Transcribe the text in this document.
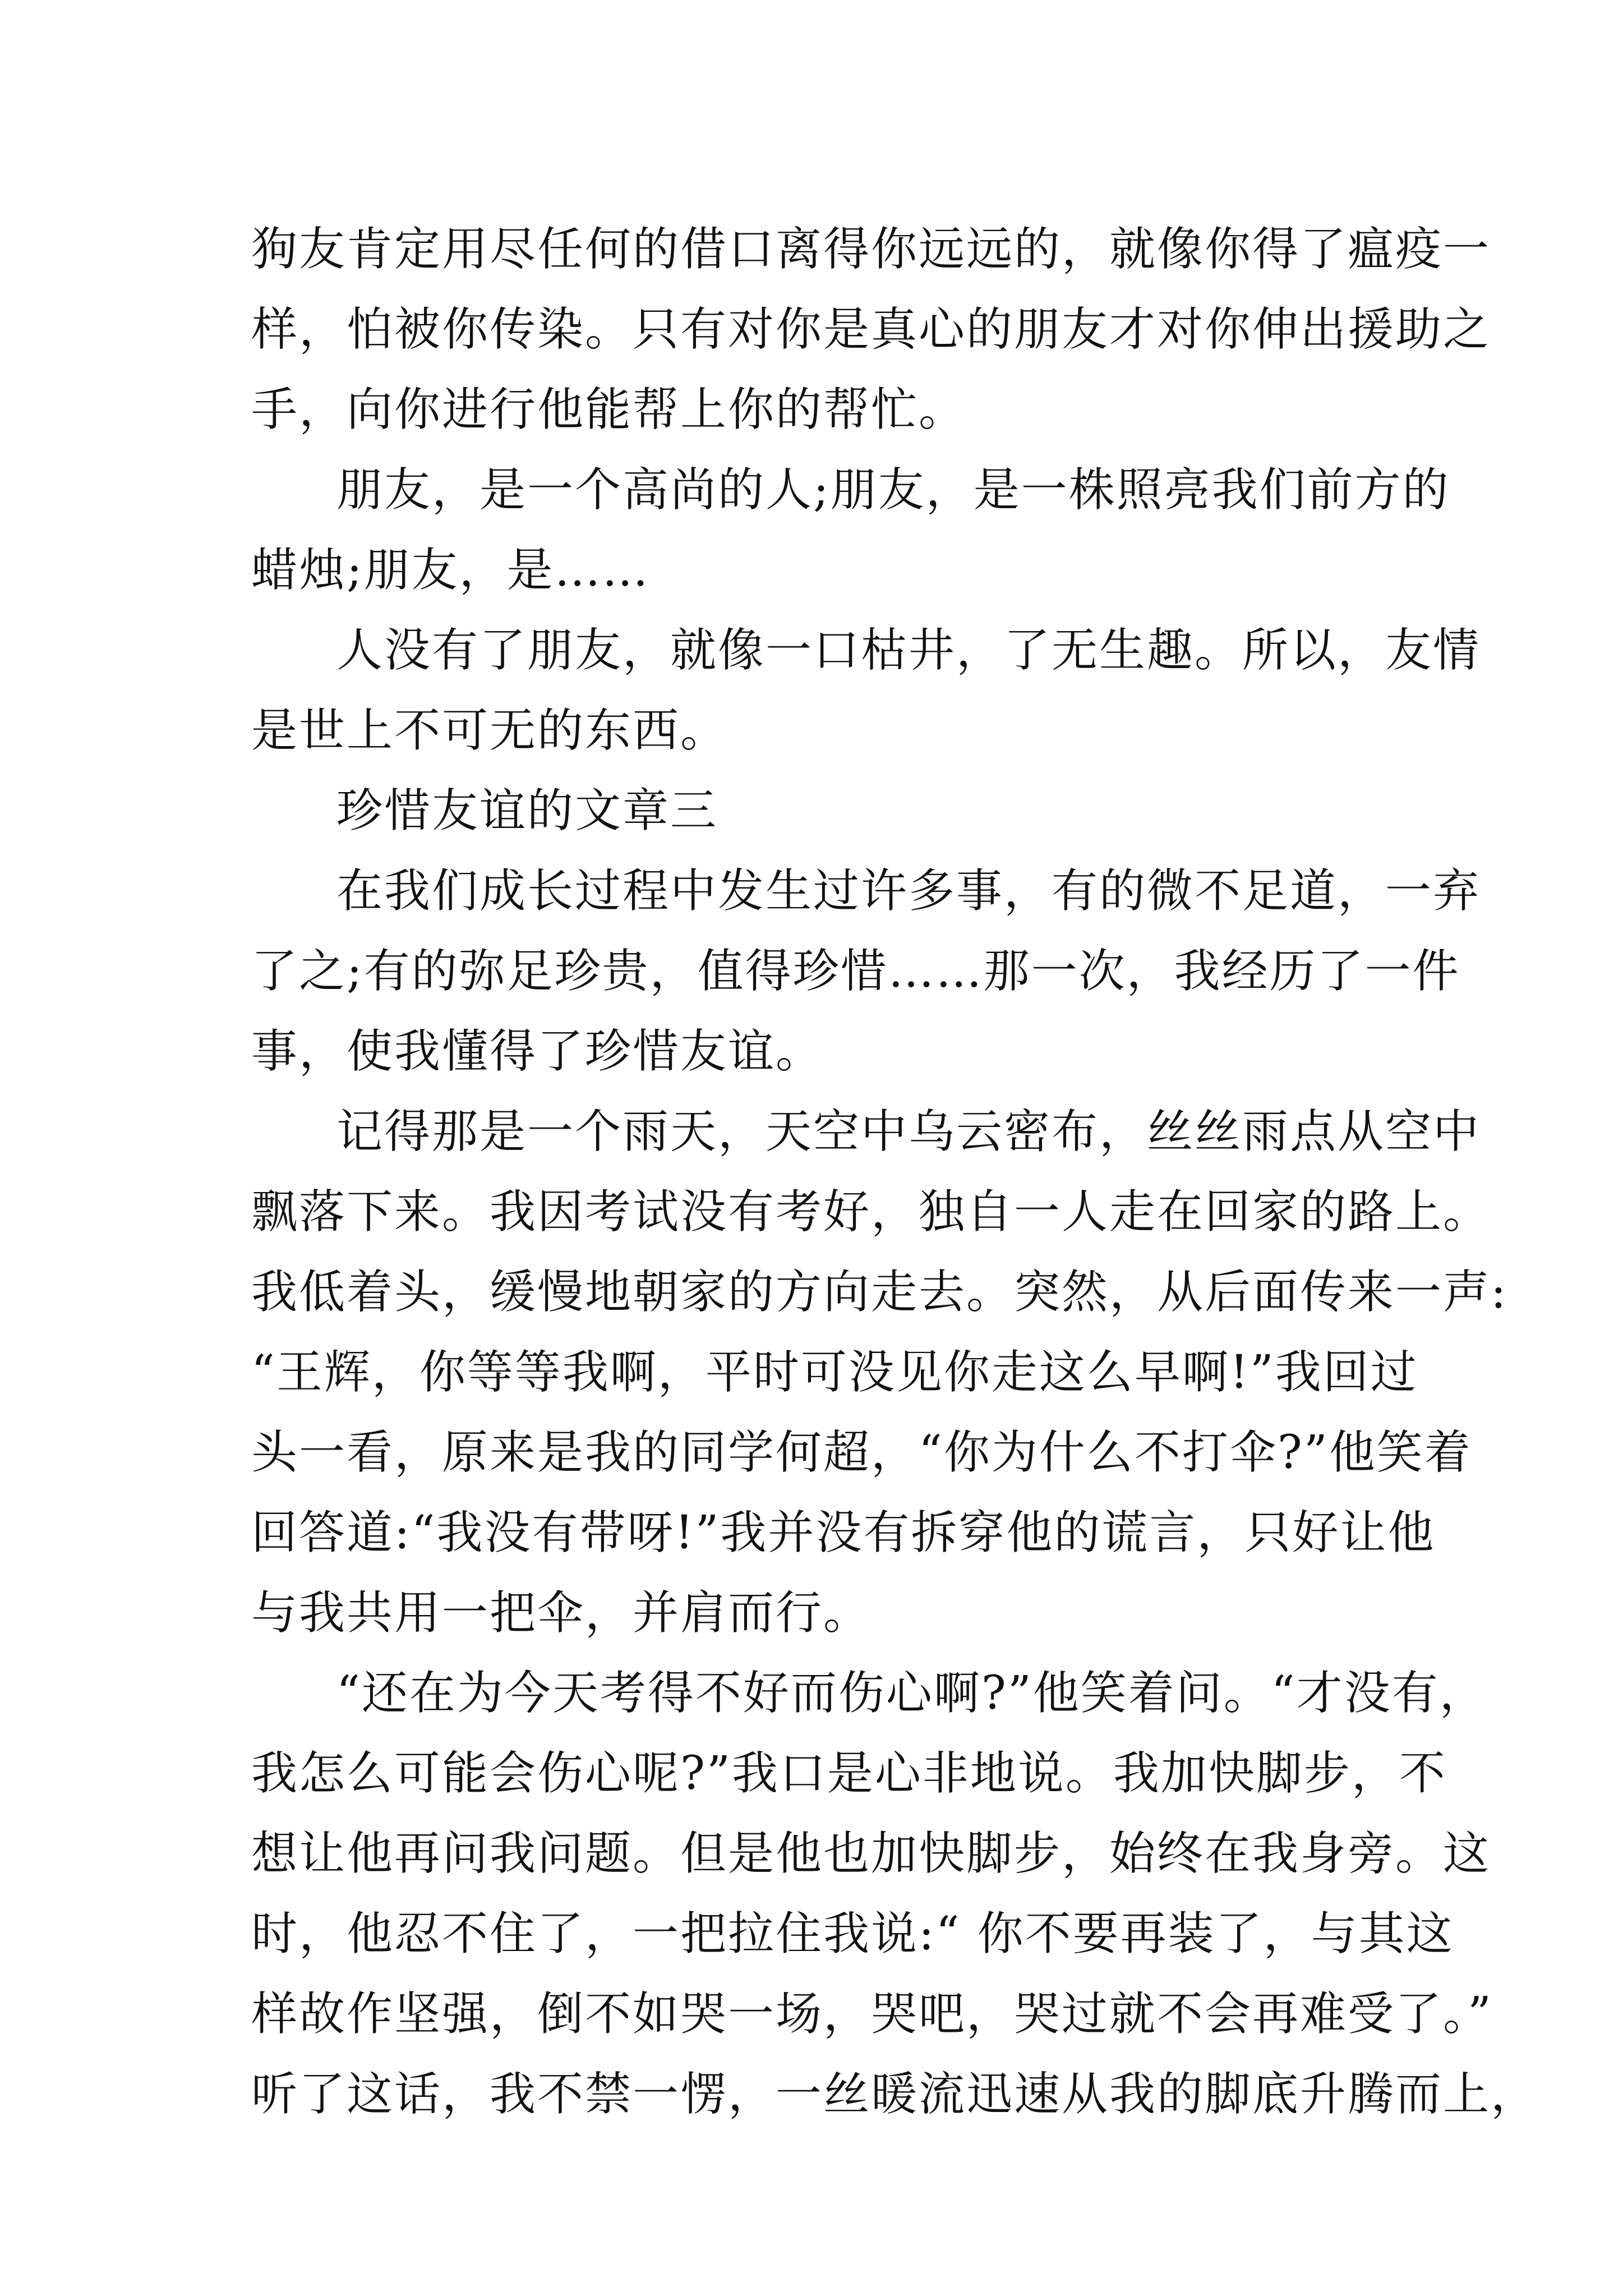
狗友肯定用尽任何的借口离得你远远的，就像你得了瘟疫一
样，怕被你传染。只有对你是真心的朋友才对你伸出援助之
手，向你进行他能帮上你的帮忙。
朋友，是一个高尚的人;朋友，是一株照亮我们前方的
蜡烛;朋友，是……
人没有了朋友，就像一口枯井，了无生趣。所以，友情
是世上不可无的东西。
珍惜友谊的文章三
在我们成长过程中发生过许多事，有的微不足道，一弃
了之;有的弥足珍贵，值得珍惜……那一次，我经历了一件
事，使我懂得了珍惜友谊。
记得那是一个雨天，天空中乌云密布，丝丝雨点从空中
飘落下来。我因考试没有考好，独自一人走在回家的路上。
我低着头，缓慢地朝家的方向走去。突然，从后面传来一声:
“王辉，你等等我啊，平时可没见你走这么早啊!”我回过
头一看，原来是我的同学何超，“你为什么不打伞?”他笑着
回答道:“我没有带呀!”我并没有拆穿他的谎言，只好让他
与我共用一把伞，并肩而行。
“还在为今天考得不好而伤心啊?”他笑着问。“才没有，
我怎么可能会伤心呢?”我口是心非地说。我加快脚步，不
想让他再问我问题。但是他也加快脚步，始终在我身旁。这
时，他忍不住了，一把拉住我说:“ 你不要再装了，与其这
样故作坚强，倒不如哭一场，哭吧，哭过就不会再难受了。”
听了这话，我不禁一愣，一丝暖流迅速从我的脚底升腾而上，
